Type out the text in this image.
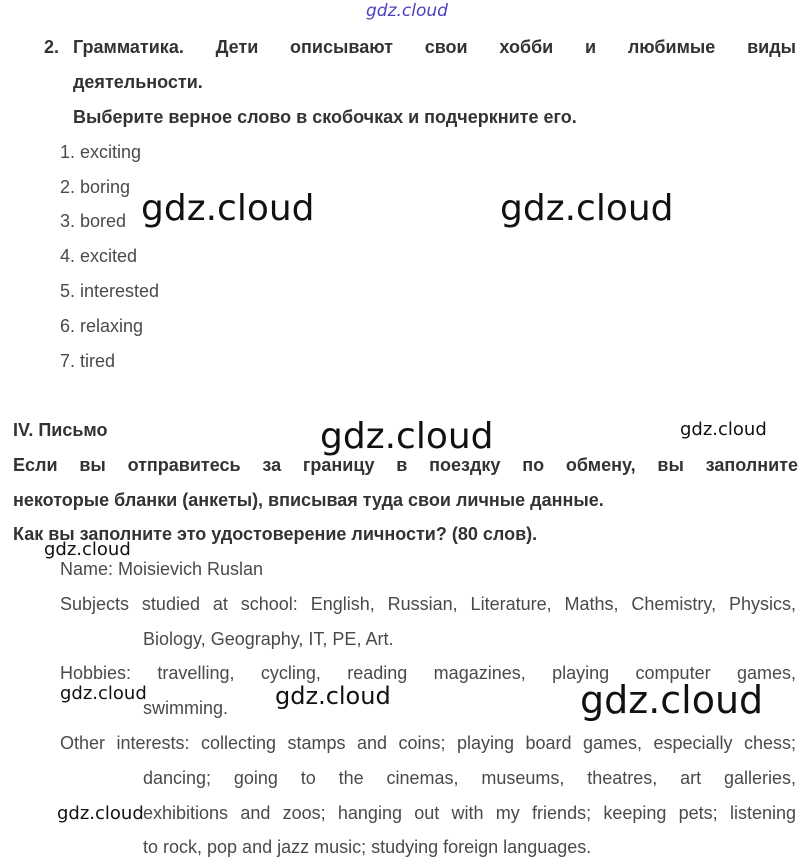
2. Грамматика. Дети описывают свои хобби и любимые виды
деятельности.
Выберите верное слово в скобочках и подчеркните его.
1. exciting
2. boring
3. bored
4. excited
5. interested
6. relaxing
7. tired
IV. Письмо
Если вы отправитесь за границу в поездку по обмену, вы заполните
некоторые бланки (анкеты), вписывая туда свои личные данные.
Как вы заполните это удостоверение личности? (80 слов).
Name: Moisievich Ruslan
Subjects studied at school: English, Russian, Literature, Maths, Chemistry, Physics,
Biology, Geography, IT, PE, Art.
Hobbies: travelling, cycling, reading magazines, playing computer games,
swimming.
Other interests: collecting stamps and coins; playing board games, especially chess;
dancing; going to the cinemas, museums, theatres, art galleries,
exhibitions and zoos; hanging out with my friends; keeping pets; listening
to rock, pop and jazz music; studying foreign languages.
gdz.cloud
gdz.cloud	gdz.cloud
gdz.cloud	gdz.cloud
gdz.cloud
gdz.cloud	gdz.cloud	gdz.cloud
gdz.cloud
